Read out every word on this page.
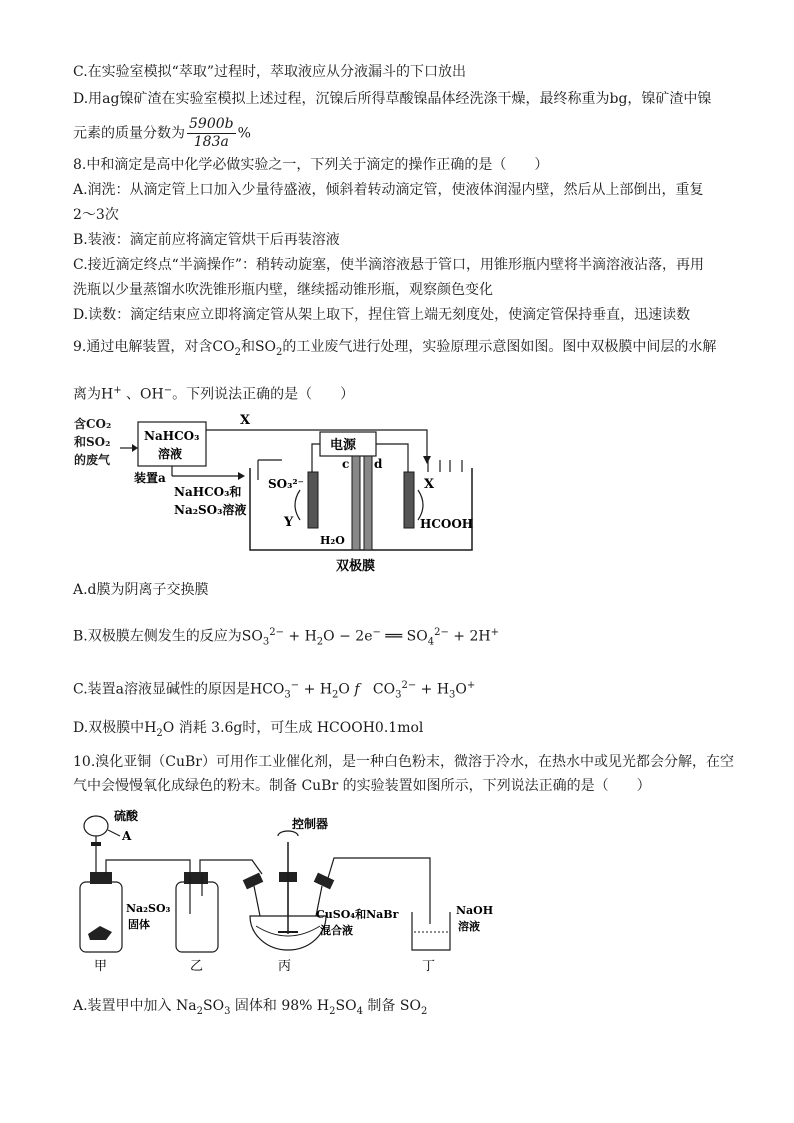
C.在实验室模拟“萃取”过程时，萃取液应从分液漏斗的下口放出
D.用ag镍矿渣在实验室模拟上述过程，沉镍后所得草酸镍晶体经洗涤干燥，最终称重为bg，镍矿渣中镍
元素的质量分数为 $\frac{5900b}{183a}$ %
8.中和滴定是高中化学必做实验之一，下列关于滴定的操作正确的是（　　）
A.润洗：从滴定管上口加入少量待盛液，倾斜着转动滴定管，使液体润湿内壁，然后从上部倒出，重复
2～3次
B.装液：滴定前应将滴定管烘干后再装溶液
C.接近滴定终点“半滴操作”：稍转动旋塞，使半滴溶液悬于管口，用锥形瓶内壁将半滴溶液沾落，再用
洗瓶以少量蒸馏水吹洗锥形瓶内壁，继续摇动锥形瓶，观察颜色变化
D.读数：滴定结束应立即将滴定管从架上取下，捏住管上端无刻度处，使滴定管保持垂直，迅速读数
9.通过电解装置，对含$CO_2$和$SO_2$的工业废气进行处理，实验原理示意图如图。图中双极膜中间层的水解
离为H+ 、OH−。下列说法正确的是（　　）
含CO₂
和SO₂
的废气
NaHCO₃
溶液
X
装置a
NaHCO₃和
Na₂SO₃溶液
电源
c d
SO₃²⁻
Y
H₂O
X
HCOOH
双极膜
A.d膜为阴离子交换膜
B.双极膜左侧发生的反应为$SO_3^{2-} + H_2O - 2e^-$ ══ $SO_4^{2-} + 2H^+$
C.装置a溶液显碱性的原因是$HCO_3^- + H_2O$ f   $CO_3^{2-} + H_3O^+$
D.双极膜中$H_2O$ 消耗 3.6g时，可生成 HCOOH0.1mol
10.溴化亚铜（CuBr）可用作工业催化剂，是一种白色粉末，微溶于冷水，在热水中或见光都会分解，在空
气中会慢慢氧化成绿色的粉末。制备 CuBr 的实验装置如图所示，下列说法正确的是（　　）
硫酸
A
Na₂SO₃
固体
控制器
CuSO₄和NaBr
混合液
NaOH
溶液
甲	乙	丙	丁
A.装置甲中加入 $Na_2SO_3$ 固体和 98% $H_2SO_4$ 制备 $SO_2$
